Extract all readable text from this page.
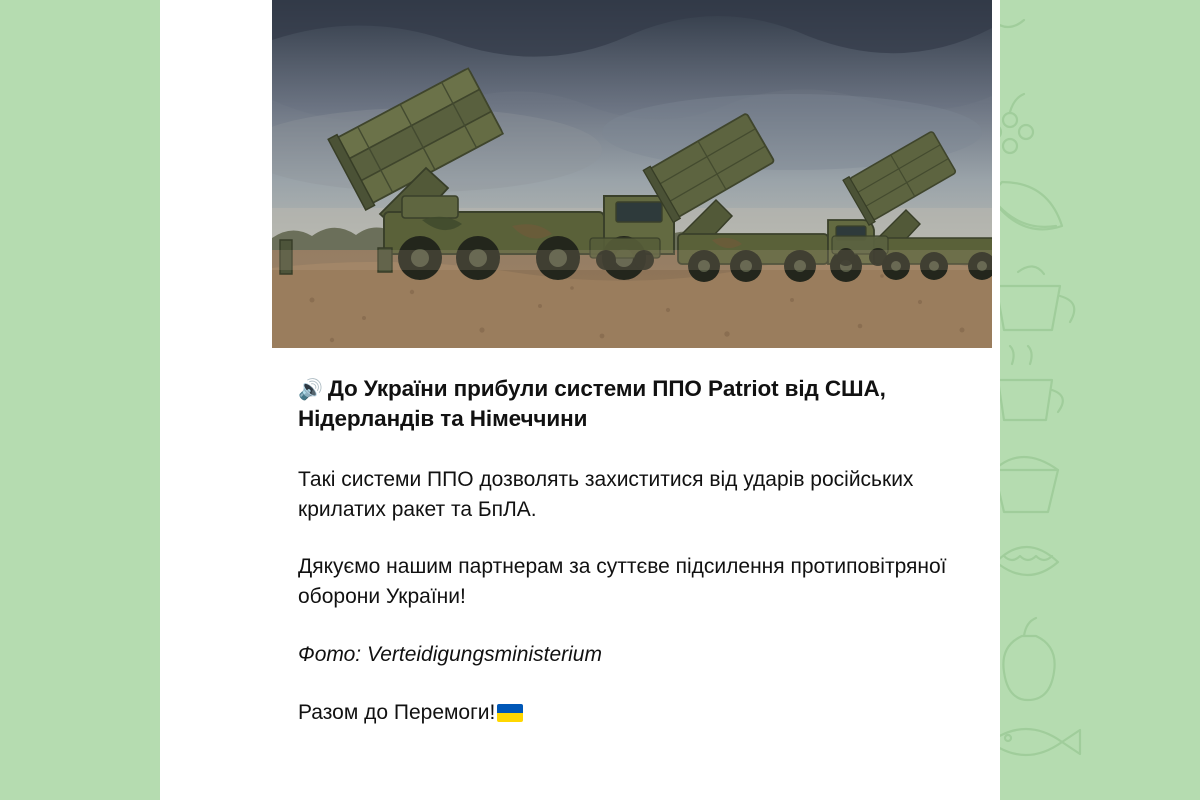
🔊 До України прибули системи ППО Patriot від США, Нідерландів та Німеччини

Такі системи ППО дозволять захиститися від ударів російських крилатих ракет та БпЛА.

Дякуємо нашим партнерам за суттєве підсилення протиповітряної оборони України!

Фото: Verteidigungsministerium

Разом до Перемоги!
